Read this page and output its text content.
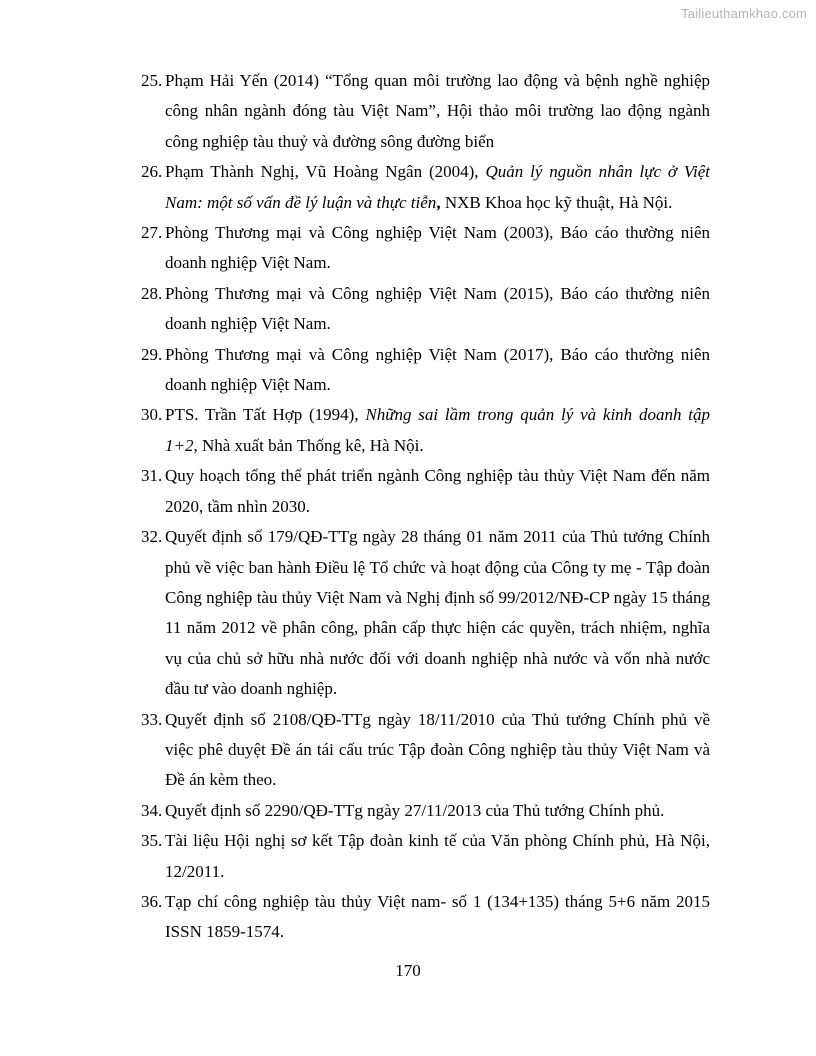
Tailieuthamkhao.com
25. Phạm Hải Yến (2014) “Tổng quan môi trường lao động và bệnh nghề nghiệp công nhân ngành đóng tàu Việt Nam”, Hội thảo môi trường lao động ngành công nghiệp tàu thuỷ và đường sông đường biển
26. Phạm Thành Nghị, Vũ Hoàng Ngân (2004), Quản lý nguồn nhân lực ở Việt Nam: một số vấn đề lý luận và thực tiễn, NXB Khoa học kỹ thuật, Hà Nội.
27. Phòng Thương mại và Công nghiệp Việt Nam (2003), Báo cáo thường niên doanh nghiệp Việt Nam.
28. Phòng Thương mại và Công nghiệp Việt Nam (2015), Báo cáo thường niên doanh nghiệp Việt Nam.
29. Phòng Thương mại và Công nghiệp Việt Nam (2017), Báo cáo thường niên doanh nghiệp Việt Nam.
30. PTS. Trần Tất Hợp (1994), Những sai lầm trong quản lý và kinh doanh tập 1+2, Nhà xuất bản Thống kê, Hà Nội.
31. Quy hoạch tổng thể phát triển ngành Công nghiệp tàu thủy Việt Nam đến năm 2020, tầm nhìn 2030.
32. Quyết định số 179/QĐ-TTg ngày 28 tháng 01 năm 2011 của Thủ tướng Chính phủ về việc ban hành Điều lệ Tổ chức và hoạt động của Công ty mẹ - Tập đoàn Công nghiệp tàu thủy Việt Nam và Nghị định số 99/2012/NĐ-CP ngày 15 tháng 11 năm 2012 về phân công, phân cấp thực hiện các quyền, trách nhiệm, nghĩa vụ của chủ sở hữu nhà nước đối với doanh nghiệp nhà nước và vốn nhà nước đầu tư vào doanh nghiệp.
33. Quyết định số 2108/QĐ-TTg ngày 18/11/2010 của Thủ tướng Chính phủ về việc phê duyệt Đề án tái cấu trúc Tập đoàn Công nghiệp tàu thủy Việt Nam và Đề án kèm theo.
34. Quyết định số 2290/QĐ-TTg ngày 27/11/2013 của Thủ tướng Chính phủ.
35. Tài liệu Hội nghị sơ kết Tập đoàn kinh tế của Văn phòng Chính phủ, Hà Nội, 12/2011.
36. Tạp chí công nghiệp tàu thủy Việt nam- số 1 (134+135) tháng 5+6 năm 2015 ISSN 1859-1574.
170
